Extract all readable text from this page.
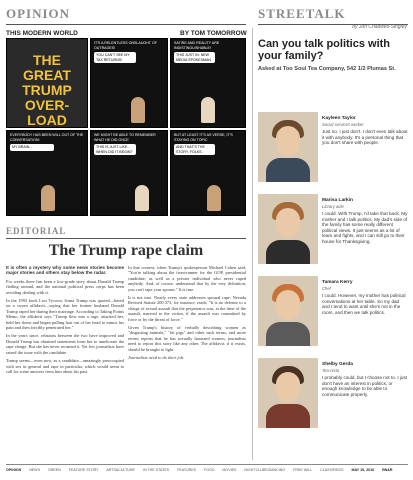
OPINION	STREETALK
by Jori Chadwell-Singley
THIS MODERN WORLD	BY TOM TOMORROW
THE GREAT TRUMP OVER-LOAD
IT'S A RELENTLESS ONSLAUGHT OF OUTRAGES!
YOU CAN'T SEE MY TAX RETURNS!
SATIRE AND REALITY ARE INDISTINGUISHABLE!
THIS JUST IN: NEW MEDIA SPOKESMAN
EVERYBODY HAS BEEN WILL OUT OF THE CONVERSATION!
MY BRAIN...
WE MIGHT BE ABLE TO REMEMBER WHAT HE DID ONCE
THIS IS JUST LIKE... WHEN DID IT BEGIN?
BUT AT LEAST IT'S AS VERSE, IT'S STAYING ON TOPIC
AND THAT'S THE STORY, FOLKS.
EDITORIAL
The Trump rape claim

It is often a mystery why some news stories become major stories and others stay below the radar.

For weeks there has been a low-grade story about Donald Trump flailing around, and the national political press corps has been avoiding dealing with it.

In the 1993 book Lost Tycoon, Ivana Trump was quoted—based on a sworn affidavit—saying that her former husband Donald Trump raped her during their marriage. According to Taking Points Memo, the affidavit says "Trump flew into a rage, attacked her, held her down and began pulling hair out of her head to mimic his pain and then forcibly penetrated her."

In the years since, relations between the two have improved and Donald Trump has obtained statements from her to ameliorate the rape charge. But she has never recanted it. Yet few journalists have raised the issue with the candidate.

Trump seems—even now, as a candidate—amazingly preoccupied with sex in general and rape in particular, which would seem to call for some answers from him about his past.

In that context, when Trump's spokesperson Michael Cohen said, "You're talking about the front-runner for the GOP, presidential candidate, as well as a private individual who never raped anybody. And, of course, understand that by the very definition, you can't rape your spouse." It is true.

It is not true. Nearly every state addresses spousal rape. Nevada Revised Statute 200.373, for instance, reads, "It is no defense to a charge of sexual assault that the perpetrator was, at the time of the assault, married to the victim, if the assault was committed by force or by the threat of force."

Given Trump's history of verbally describing women as "disgusting animals," "fat pigs" and other such terms, and more recent reports that he has sexually harassed women, journalists need to report this story like any other. The affidavit, if it exists, should be brought to light.

Journalists need to do their job.

Can you talk politics with your family?
Asked at Too Soul Tea Company, 542 1/2 Plumas St.
Kayleen Taylor
Social services worker
Just no. I just don't. I don't even talk about it with anybody. It's a personal thing that you don't share with people.
Marisa Larkin
Library aide
I could. With Trump, I'd take that back. My mother and I talk politics. My dad's side of the family has some really different political views. It just seems as a lot of tears and fights, and I can still go to their house for Thanksgiving.
Tamara Kerry
Chef
I could. However, my mother has political conversations at her table. So my dad and I tend to want until she's not in the room, and then we talk politics.
Shelby Gerda
Tea-nista
I probably could, but I choose not to. I just don't have an interest in politics, or enough knowledge to be able to communicate properly.
OPINION NEWS GREEN FEATURE STORY ARTS&CULTURE IN THE STATES FEATURES FOOD MOVIES NIGHTCLUBS/DANCING FREE WILL CLASSIFIEDS MAY 19, 2016 RN&R
